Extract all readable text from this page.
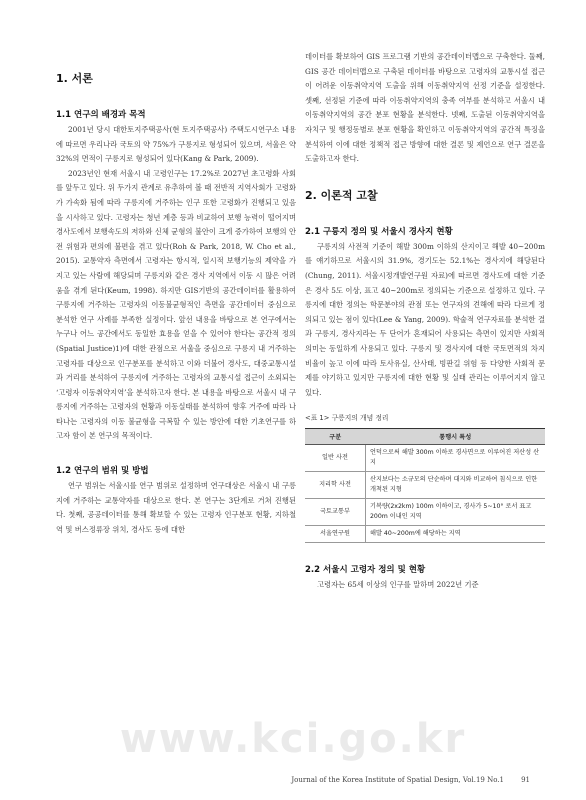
1. 서론
1.1 연구의 배경과 목적

2001년 당시 대한토지주택공사(현 토지주택공사) 주택도시연구소 내용에 따르면 우리나라 국토의 약 75%가 구릉지로 형성되어 있으며, 서울은 약 32%의 면적이 구릉지로 형성되어 있다(Kang & Park, 2009).

2023년인 현재 서울시 내 고령인구는 17.2%로 2027년 초고령화 사회를 앞두고 있다. 위 두가지 관계로 유추하여 볼 때 전반적 지역사회가 고령화가 가속화 됨에 따라 구릉지에 거주하는 인구 또한 고령화가 진행되고 있음을 시사하고 있다. 고령자는 청년 계층 등과 비교하여 보행 능력이 떨어지며 경사도에서 보행속도의 저하와 신체 균형의 불안이 크게 증가하여 보행의 안전 위험과 편의에 불편을 겪고 있다(Roh & Park, 2018, W. Cho et al., 2015). 교통약자 측면에서 고령자는 항시적, 일시적 보행기능의 제약을 가지고 있는 사람에 해당되며 구릉지와 같은 경사 지역에서 이동 시 많은 어려움을 겪게 된다(Keum, 1998). 하지만 GIS기반의 공간데이터를 활용하여 구릉지에 거주하는 고령자의 이동불균형적인 측면을 공간데이터 중심으로 분석한 연구 사례를 부족한 실정이다. 앞선 내용을 바탕으로 본 연구에서는 누구나 어느 공간에서도 동일한 효용을 얻을 수 있어야 한다는 공간적 정의(Spatial Justice)1)에 대한 관점으로 서울을 중심으로 구릉지 내 거주하는 고령자를 대상으로 인구분포를 분석하고 이와 더불어 경사도, 대중교통시설과 거리를 분석하여 구릉지에 거주하는 고령자의 교통시설 접근이 소외되는 ‘고령자 이동취약지역’을 분석하고자 한다. 본 내용을 바탕으로 서울시 내 구릉지에 거주하는 고령자의 현황과 이동실태를 분석하여 향후 거주에 따라 나타나는 고령자의 이동 불균형을 극복할 수 있는 방안에 대한 기초연구를 하고자 함이 본 연구의 목적이다.

1.2 연구의 범위 및 방법

연구 범위는 서울시를 연구 범위로 설정하며 연구대상은 서울시 내 구릉지에 거주하는 교통약자를 대상으로 한다. 본 연구는 3단계로 거쳐 진행된다. 첫째, 공공데이터를 통해 확보할 수 있는 고령자 인구분포 현황, 지하철역 및 버스정류장 위치, 경사도 등에 대한

데이터를 확보하여 GIS 프로그램 기반의 공간데이터맵으로 구축한다. 둘째, GIS 공간 데이터맵으로 구축된 데이터를 바탕으로 고령자의 교통시설 접근이 어려운 이동취약지역 도출을 위해 이동취약지역 선정 기준을 설정한다. 셋째, 선정된 기준에 따라 이동취약지역의 충족 여부를 분석하고 서울시 내 이동취약지역의 공간 분포 현황을 분석한다. 넷째, 도출된 이동취약지역을 자치구 및 행정동별로 분포 현황을 확인하고 이동취약지역의 공간적 특징을 분석하여 이에 대한 정책적 접근 방향에 대한 결론 및 제언으로 연구 결론을 도출하고자 한다.

2. 이론적 고찰
2.1 구릉지 정의 및 서울시 경사지 현황

구릉지의 사전적 기준이 해발 300m 이하의 산지이고 해발 40~200m를 얘기하므로 서울시의 31.9%, 경기도는 52.1%는 경사지에 해당된다(Chung, 2011). 서울시정개발연구원 자료)에 따르면 경사도에 대한 기준은 경사 5도 이상, 표고 40~200m로 정의되는 기준으로 설정하고 있다. 구릉지에 대한 정의는 학문분야의 관점 또는 연구자의 견해에 따라 다르게 정의되고 있는 점이 있다(Lee & Yang, 2009). 학술적 연구자료를 분석한 결과 구릉지, 경사지라는 두 단어가 혼재되어 사용되는 측면이 있지만 사회적 의미는 동일하게 사용되고 있다. 구릉지 및 경사지에 대한 국토면적의 차지 비율이 높고 이에 따라 토사유실, 산사태, 빙판길 위험 등 다양한 사회적 문제를 야기하고 있지만 구릉지에 대한 현황 및 실태 관리는 이루어지지 않고 있다.

<표 1> 구릉지의 개념 정리
구분	통행시 특성
일반 사전	언덕으로써 해발 300m 이하로 경사면으로 이루어진 저산성 산지
지리학 사전	산지보다는 소규모의 단순하며 대지와 비교하여 침식으로 인한 개척된 지형
국토교통부	기복량(2x2km) 100m 이하이고, 경사가 5~10° 로서 표고 200m 이내인 지역
서울연구원	해발 40~200m에 해당하는 지역
2.2 서울시 고령자 정의 및 현황

고령자는 65세 이상의 인구를 말하며 2022년 기준

www.kci.go.kr
Journal of the Korea Institute of Spatial Design, Vol.19 No.1 91
